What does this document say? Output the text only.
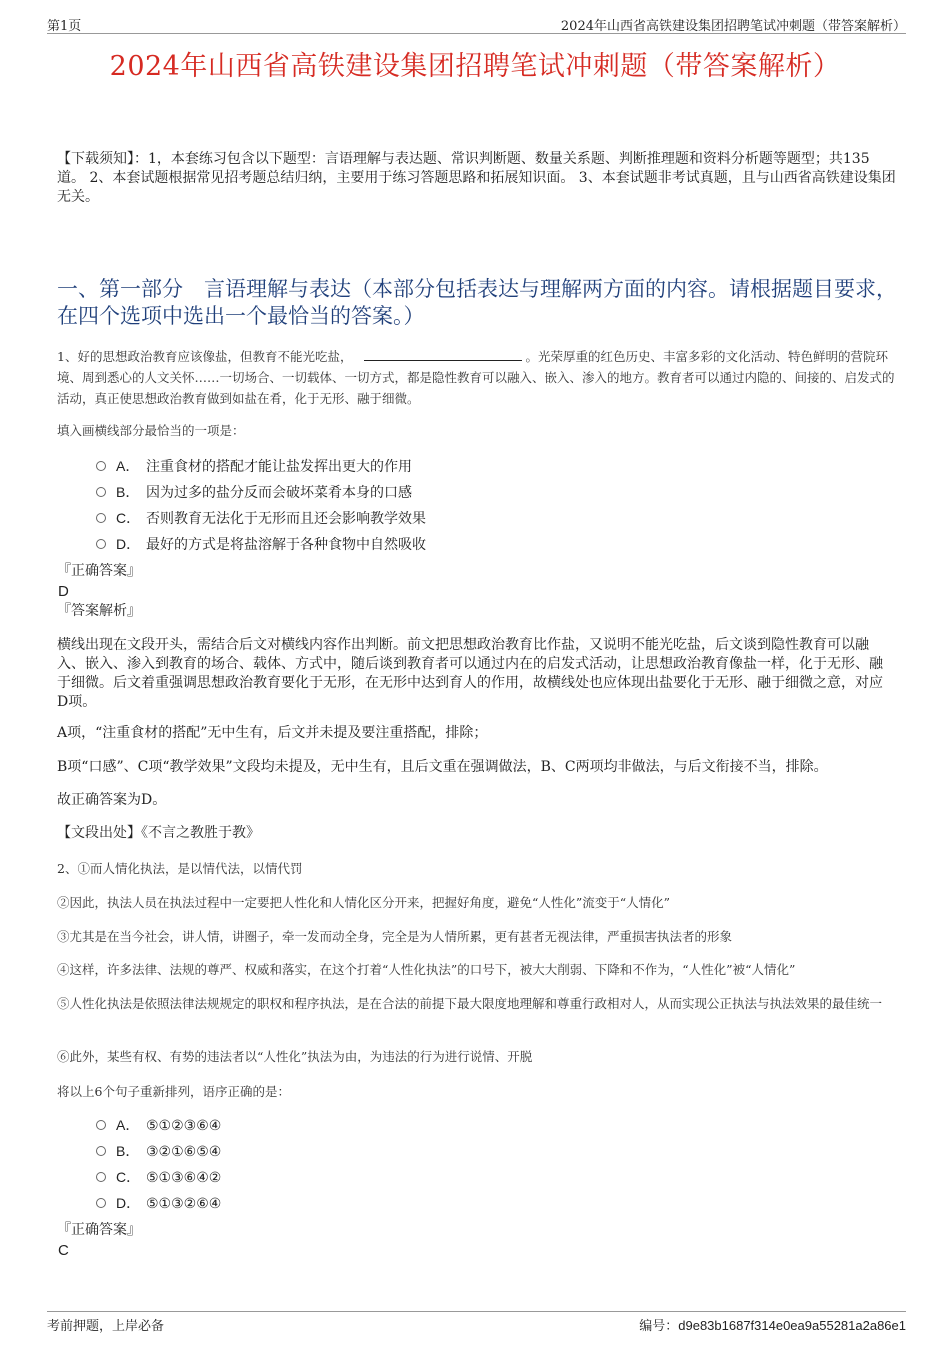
第1页	2024年山西省高铁建设集团招聘笔试冲刺题（带答案解析）
2024年山西省高铁建设集团招聘笔试冲刺题（带答案解析）
【下载须知】：1，本套练习包含以下题型：言语理解与表达题、常识判断题、数量关系题、判断推理题和资料分析题等题型；共135道。 2、本套试题根据常见招考题总结归纳，主要用于练习答题思路和拓展知识面。 3、本套试题非考试真题，且与山西省高铁建设集团无关。
一、第一部分　言语理解与表达（本部分包括表达与理解两方面的内容。请根据题目要求，在四个选项中选出一个最恰当的答案。）
1、好的思想政治教育应该像盐，但教育不能光吃盐，	。光荣厚重的红色历史、丰富多彩的文化活动、特色鲜明的营院环境、周到悉心的人文关怀……一切场合、一切载体、一切方式，都是隐性教育可以融入、嵌入、渗入的地方。教育者可以通过内隐的、间接的、启发式的活动，真正使思想政治教育做到如盐在肴，化于无形、融于细微。
填入画横线部分最恰当的一项是：
A． 注重食材的搭配才能让盐发挥出更大的作用
B． 因为过多的盐分反而会破坏菜肴本身的口感
C． 否则教育无法化于无形而且还会影响教学效果
D． 最好的方式是将盐溶解于各种食物中自然吸收
『正确答案』
D
『答案解析』
横线出现在文段开头，需结合后文对横线内容作出判断。前文把思想政治教育比作盐，又说明不能光吃盐，后文谈到隐性教育可以融入、嵌入、渗入到教育的场合、载体、方式中，随后谈到教育者可以通过内在的启发式活动，让思想政治教育像盐一样，化于无形、融于细微。后文着重强调思想政治教育要化于无形，在无形中达到育人的作用，故横线处也应体现出盐要化于无形、融于细微之意，对应D项。
A项，“注重食材的搭配”无中生有，后文并未提及要注重搭配，排除；
B项“口感”、C项“教学效果”文段均未提及，无中生有，且后文重在强调做法，B、C两项均非做法，与后文衔接不当，排除。
故正确答案为D。
【文段出处】《不言之教胜于教》
2、①而人情化执法，是以情代法，以情代罚
②因此，执法人员在执法过程中一定要把人性化和人情化区分开来，把握好角度，避免“人性化”流变于“人情化”
③尤其是在当今社会，讲人情，讲圈子，牵一发而动全身，完全是为人情所累，更有甚者无视法律，严重损害执法者的形象
④这样，许多法律、法规的尊严、权威和落实，在这个打着“人性化执法”的口号下，被大大削弱、下降和不作为，“人性化”被“人情化”
⑤人性化执法是依照法律法规规定的职权和程序执法，是在合法的前提下最大限度地理解和尊重行政相对人，从而实现公正执法与执法效果的最佳统一
⑥此外，某些有权、有势的违法者以“人性化”执法为由，为违法的行为进行说情、开脱
将以上6个句子重新排列，语序正确的是：
A． ⑤①②③⑥④
B． ③②①⑥⑤④
C． ⑤①③⑥④②
D． ⑤①③②⑥④
『正确答案』
C
考前押题，上岸必备	编号：d9e83b1687f314e0ea9a55281a2a86e1
